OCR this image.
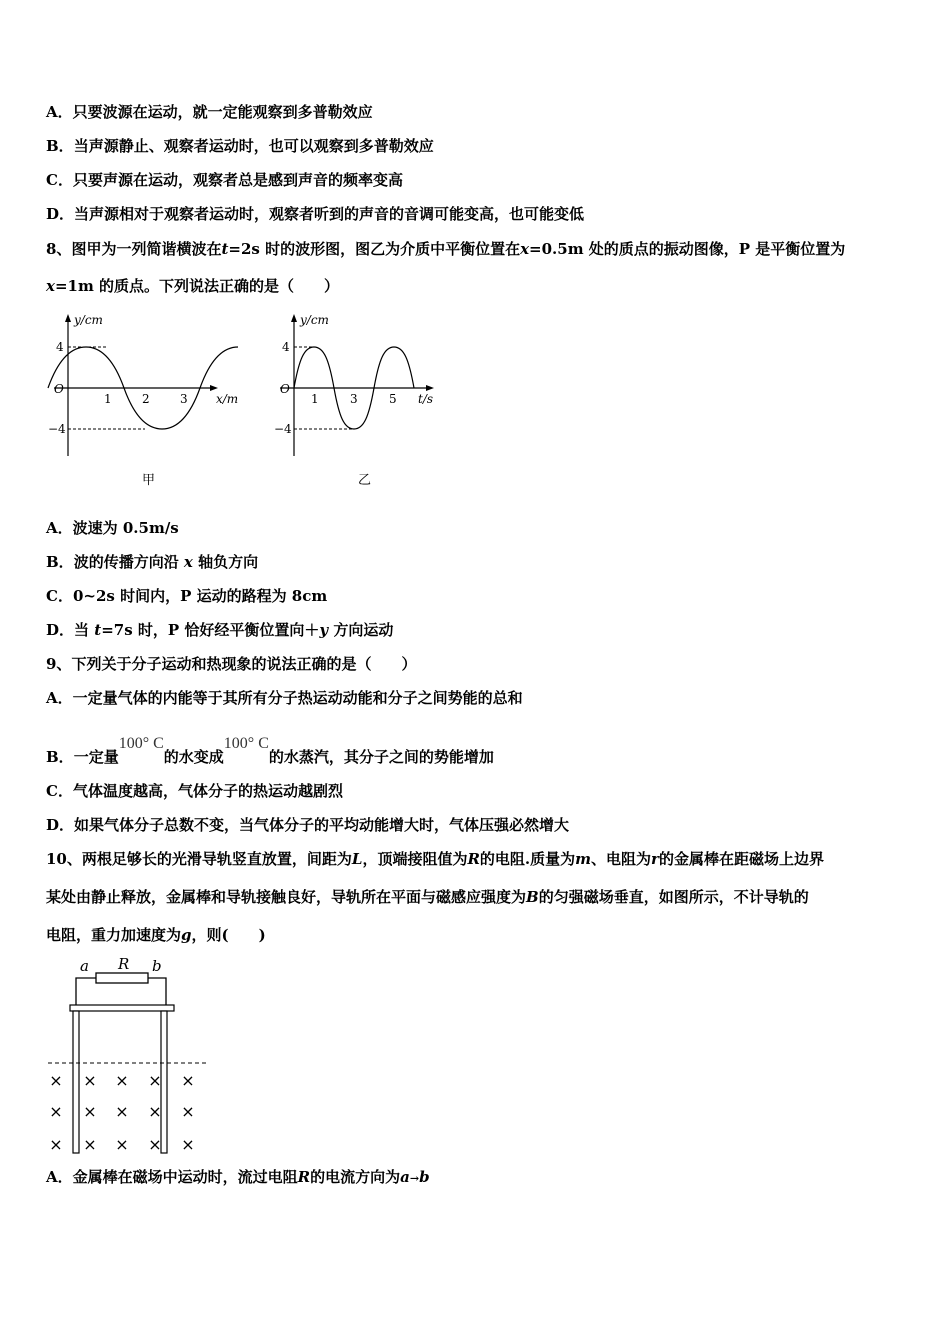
A．只要波源在运动，就一定能观察到多普勒效应
B．当声源静止、观察者运动时，也可以观察到多普勒效应
C．只要声源在运动，观察者总是感到声音的频率变高
D．当声源相对于观察者运动时，观察者听到的声音的音调可能变高，也可能变低
8、图甲为一列简谐横波在t=2s 时的波形图，图乙为介质中平衡位置在x=0.5m 处的质点的振动图像，P 是平衡位置为
x=1m 的质点。下列说法正确的是（　　）
y/cm
x/m
O
4
−4
1	2	3
甲
y/cm
t/s
O
4
−4
1	3	5
乙
A．波速为 0.5m/s
B．波的传播方向沿 x 轴负方向
C．0~2s 时间内，P 运动的路程为 8cm
D．当 t=7s 时，P 恰好经平衡位置向＋y 方向运动
9、下列关于分子运动和热现象的说法正确的是（　　）
A．一定量气体的内能等于其所有分子热运动动能和分子之间势能的总和
B．一定量100° C的水变成100° C的水蒸汽，其分子之间的势能增加
C．气体温度越高，气体分子的热运动越剧烈
D．如果气体分子总数不变，当气体分子的平均动能增大时，气体压强必然增大
10、两根足够长的光滑导轨竖直放置，间距为L，顶端接阻值为R的电阻.质量为m、电阻为r的金属棒在距磁场上边界
某处由静止释放，金属棒和导轨接触良好，导轨所在平面与磁感应强度为B的匀强磁场垂直，如图所示，不计导轨的
电阻，重力加速度为g，则(　　)
a R b
× × × × ×
× × × × ×
× × × × ×
A．金属棒在磁场中运动时，流过电阻R的电流方向为a→b
